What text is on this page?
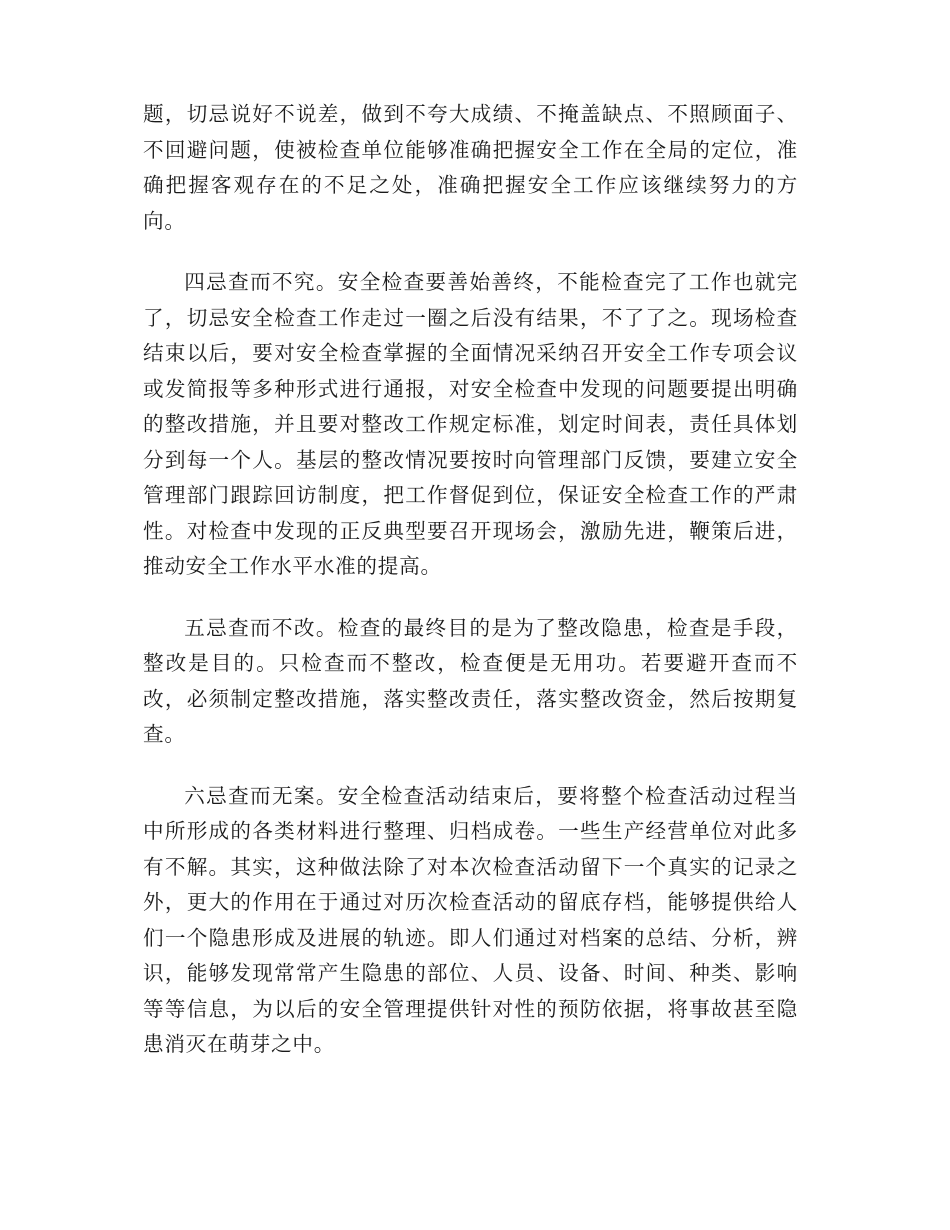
题，切忌说好不说差，做到不夸大成绩、不掩盖缺点、不照顾面子、不回避问题，使被检查单位能够准确把握安全工作在全局的定位，准确把握客观存在的不足之处，准确把握安全工作应该继续努力的方向。

四忌查而不究。安全检查要善始善终，不能检查完了工作也就完了，切忌安全检查工作走过一圈之后没有结果，不了了之。现场检查结束以后，要对安全检查掌握的全面情况采纳召开安全工作专项会议或发简报等多种形式进行通报，对安全检查中发现的问题要提出明确的整改措施，并且要对整改工作规定标准，划定时间表，责任具体划分到每一个人。基层的整改情况要按时向管理部门反馈，要建立安全管理部门跟踪回访制度，把工作督促到位，保证安全检查工作的严肃性。对检查中发现的正反典型要召开现场会，激励先进，鞭策后进，推动安全工作水平水准的提高。

五忌查而不改。检查的最终目的是为了整改隐患，检查是手段，整改是目的。只检查而不整改，检查便是无用功。若要避开查而不改，必须制定整改措施，落实整改责任，落实整改资金，然后按期复查。

六忌查而无案。安全检查活动结束后，要将整个检查活动过程当中所形成的各类材料进行整理、归档成卷。一些生产经营单位对此多有不解。其实，这种做法除了对本次检查活动留下一个真实的记录之外，更大的作用在于通过对历次检查活动的留底存档，能够提供给人们一个隐患形成及进展的轨迹。即人们通过对档案的总结、分析，辨识，能够发现常常产生隐患的部位、人员、设备、时间、种类、影响等等信息，为以后的安全管理提供针对性的预防依据，将事故甚至隐患消灭在萌芽之中。
